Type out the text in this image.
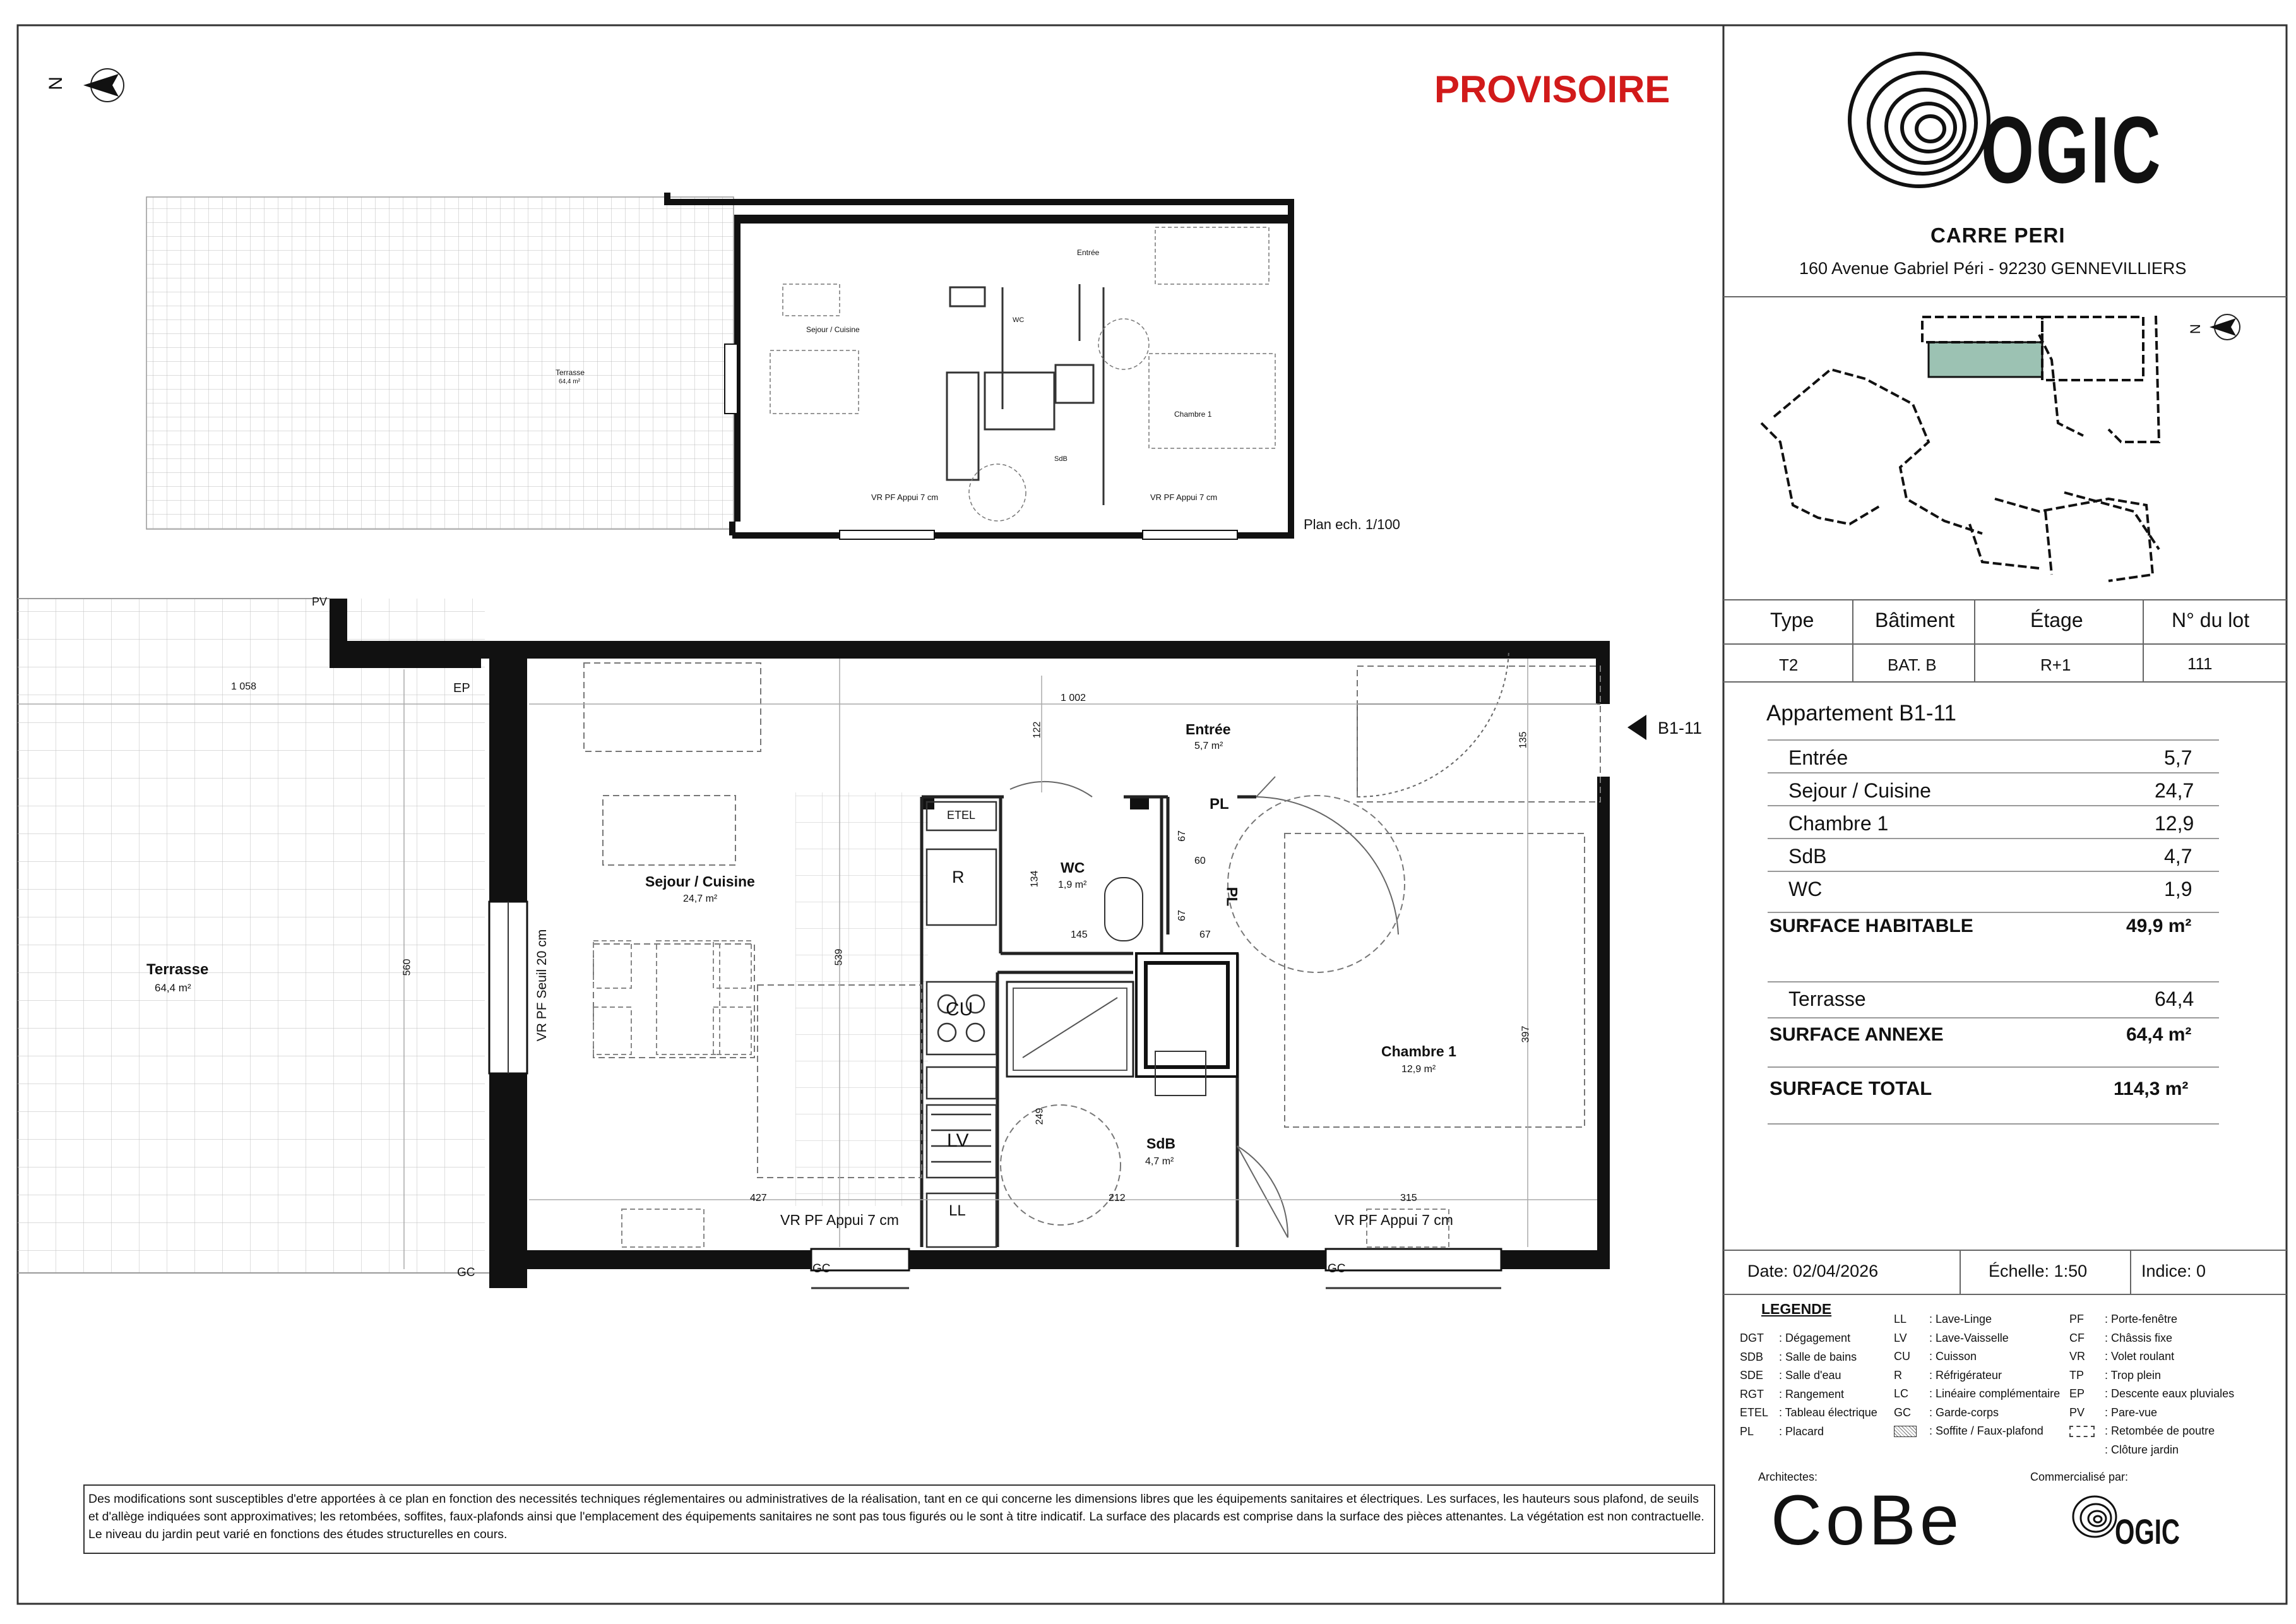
N	PROVISOIRE
Terrasse
64,4 m²
Sejour / Cuisine
Entrée
WC
Chambre 1
SdB
VR PF Appui 7 cm	VR PF Appui 7 cm
Plan ech. 1/100
Terrasse
64,4 m²
Sejour / Cuisine
24,7 m²
Entrée
5,7 m²
WC
1,9 m²
SdB
4,7 m²
Chambre 1
12,9 m²
ETEL
R
CU
LV
LL
PL
PL
1 058
1 002
122
135
134
67
60
67
145	67
560
539
397
249
427	212	315
PV
EP
GC	GC	GC
B1-11
VR PF Seuil 20 cm
VR PF Appui 7 cm	VR PF Appui 7 cm
OGIC
CARRE PERI
160 Avenue Gabriel Péri - 92230 GENNEVILLIERS
N
Type	Bâtiment	Étage	N° du lot
T2	BAT. B	R+1	111
Appartement B1-11
Entrée	5,7
Sejour / Cuisine	24,7
Chambre 1	12,9
SdB	4,7
WC	1,9
SURFACE HABITABLE	49,9 m²
Terrasse	64,4
SURFACE ANNEXE	64,4 m²
SURFACE TOTAL	114,3 m²
Date: 02/04/2026	Échelle: 1:50	Indice: 0
LEGENDE
DGT : Dégagement
SDB : Salle de bains
SDE : Salle d'eau
RGT : Rangement
ETEL : Tableau électrique
PL : Placard
LL : Lave-Linge
LV : Lave-Vaisselle
CU : Cuisson
R : Réfrigérateur
LC : Linéaire complémentaire
GC : Garde-corps
: Soffite / Faux-plafond
PF : Porte-fenêtre
CF : Châssis fixe
VR : Volet roulant
TP : Trop plein
EP : Descente eaux pluviales
PV : Pare-vue
: Retombée de poutre
: Clôture jardin
Architectes:
CoBe
Commercialisé par:
OGIC
Des modifications sont susceptibles d'etre apportées à ce plan en fonction des necessités techniques réglementaires ou administratives de la réalisation, tant en ce qui concerne les dimensions libres que les équipements sanitaires et électriques. Les surfaces, les hauteurs sous plafond, de seuils et d'allège indiquées sont approximatives; les retombées, soffites, faux-plafonds ainsi que l'emplacement des équipements sanitaires ne sont pas tous figurés ou le sont à titre indicatif. La surface des placards est comprise dans la surface des pièces attenantes. La végétation est non contractuelle. Le niveau du jardin peut varié en fonctions des études structurelles en cours.
